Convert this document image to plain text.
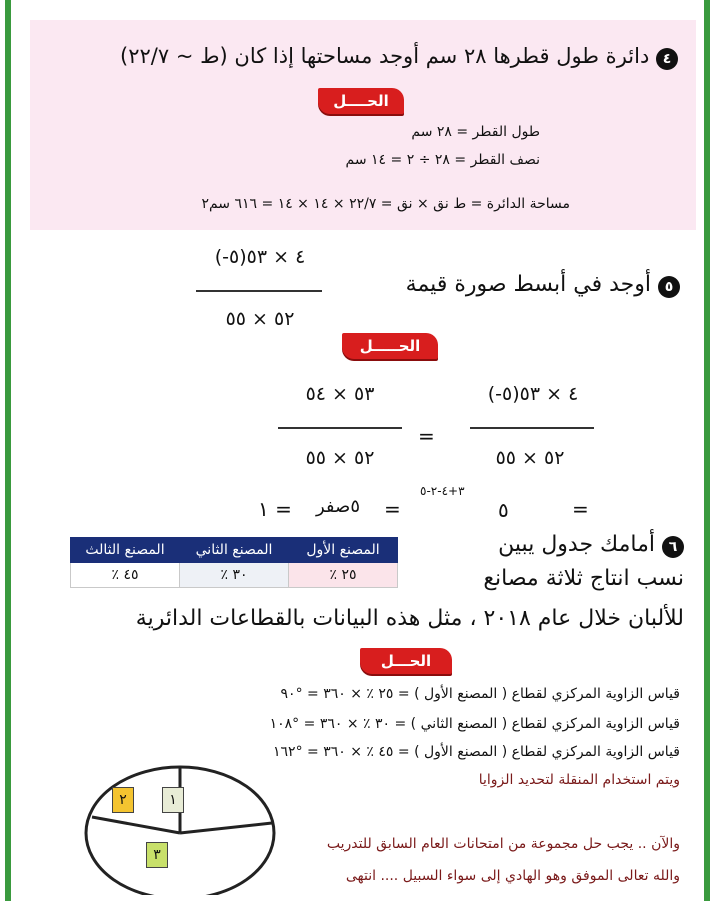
٤ دائرة طول قطرها ٢٨ سم أوجد مساحتها إذا كان (ط ~ ٢٢/٧)
الحــــل
طول القطر = ٢٨ سم
نصف القطر = ٢٨ ÷ ٢ = ١٤ سم
مساحة الدائرة = ط نق × نق = ٢٢/٧ × ١٤ × ١٤ = ٦١٦ سم٢
٥ أوجد في أبسط صورة قيمة
(-٥)٤ × ٥٣
٥٢ × ٥٥
الحـــــل
(-٥)٤ × ٥٣
٥٢ × ٥٥
=
٥٣ × ٥٤
٥٢ × ٥٥
=
٥
٣+٤-٢-٥
=
٥صفر
١ =
٦ أمامك جدول يبين
نسب انتاج ثلاثة مصانع
للألبان خلال عام ٢٠١٨ ، مثل هذه البيانات بالقطاعات الدائرية
المصنع الأول	المصنع الثاني	المصنع الثالث
٢٥ ٪	٣٠ ٪	٤٥ ٪
الحـــل
قياس الزاوية المركزي لقطاع ( المصنع الأول ) = ٢٥ ٪ × ٣٦٠ = °٩٠
قياس الزاوية المركزي لقطاع ( المصنع الثاني ) = ٣٠ ٪ × ٣٦٠ = °١٠٨
قياس الزاوية المركزي لقطاع ( المصنع الأول ) = ٤٥ ٪ × ٣٦٠ = °١٦٢
ويتم استخدام المنقلة لتحديد الزوايا
١
٢
٣
والآن .. يجب حل مجموعة من امتحانات العام السابق للتدريب
والله تعالى الموفق وهو الهادي إلى سواء السبيل .... انتهى
